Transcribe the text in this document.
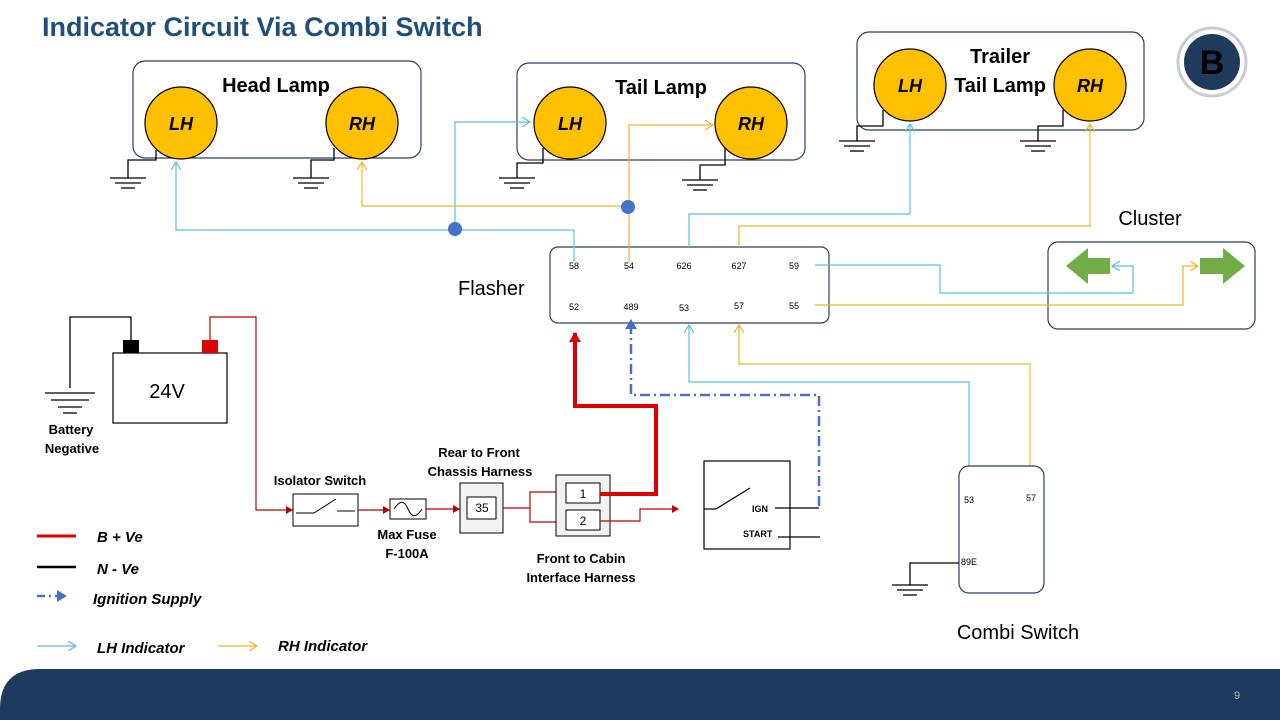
Indicator Circuit Via Combi Switch
B
Head Lamp
LH	RH
Tail Lamp
LH	RH
Trailer
Tail Lamp
LH	RH
Flasher
58	54	626	627	59
52	489	53	57	55
Cluster
24V
Battery
Negative
Isolator Switch
Max Fuse
F-100A
Rear to Front
Chassis Harness
35
1
2
Front to Cabin
Interface Harness
IGN
START
53	57
89E
Combi Switch
B + Ve
N - Ve
Ignition Supply
LH Indicator	RH Indicator
9
